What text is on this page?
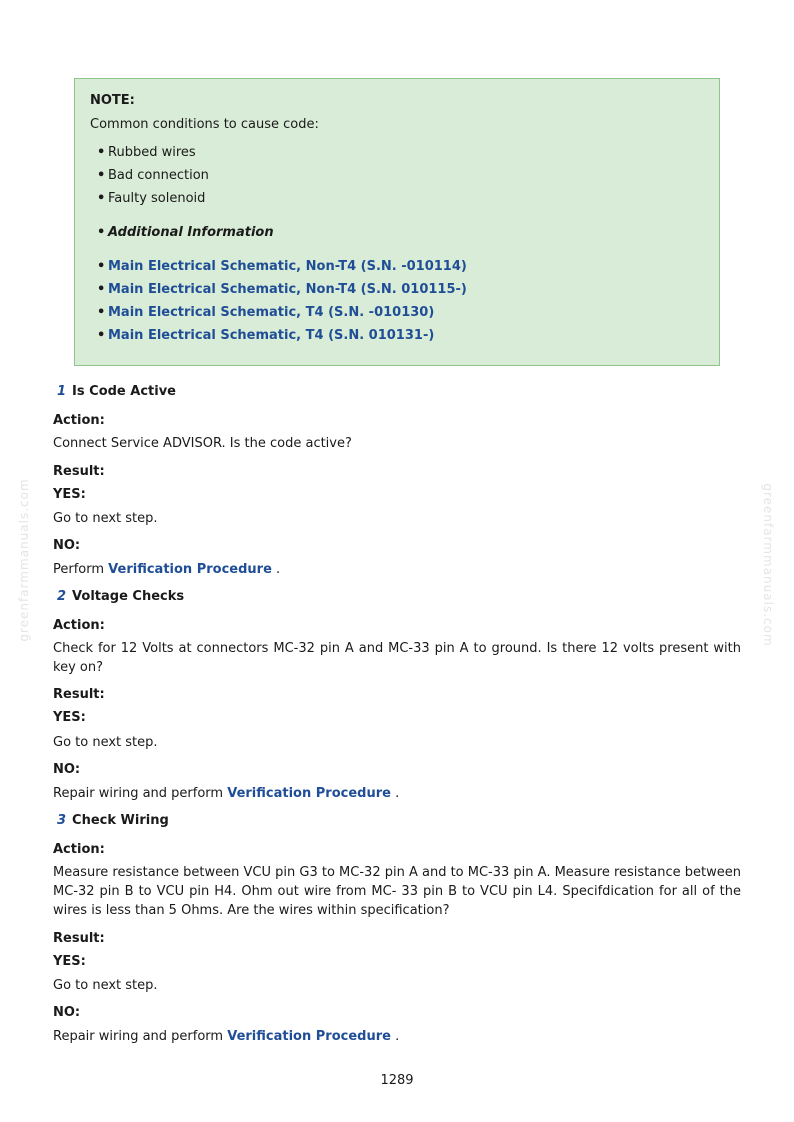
NOTE:
Common conditions to cause code:
• Rubbed wires
• Bad connection
• Faulty solenoid
• Additional Information
• Main Electrical Schematic, Non-T4 (S.N. -010114)
• Main Electrical Schematic, Non-T4 (S.N. 010115-)
• Main Electrical Schematic, T4 (S.N. -010130)
• Main Electrical Schematic, T4 (S.N. 010131-)
1 Is Code Active
Action:
Connect Service ADVISOR. Is the code active?
Result:
YES:
Go to next step.
NO:
Perform Verification Procedure .
2 Voltage Checks
Action:
Check for 12 Volts at connectors MC-32 pin A and MC-33 pin A to ground. Is there 12 volts present with key on?
Result:
YES:
Go to next step.
NO:
Repair wiring and perform Verification Procedure .
3 Check Wiring
Action:
Measure resistance between VCU pin G3 to MC-32 pin A and to MC-33 pin A. Measure resistance between MC-32 pin B to VCU pin H4. Ohm out wire from MC- 33 pin B to VCU pin L4. Specifdication for all of the wires is less than 5 Ohms. Are the wires within specification?
Result:
YES:
Go to next step.
NO:
Repair wiring and perform Verification Procedure .
greenfarmmanuals.com	greenfarmmanuals.com
1289
